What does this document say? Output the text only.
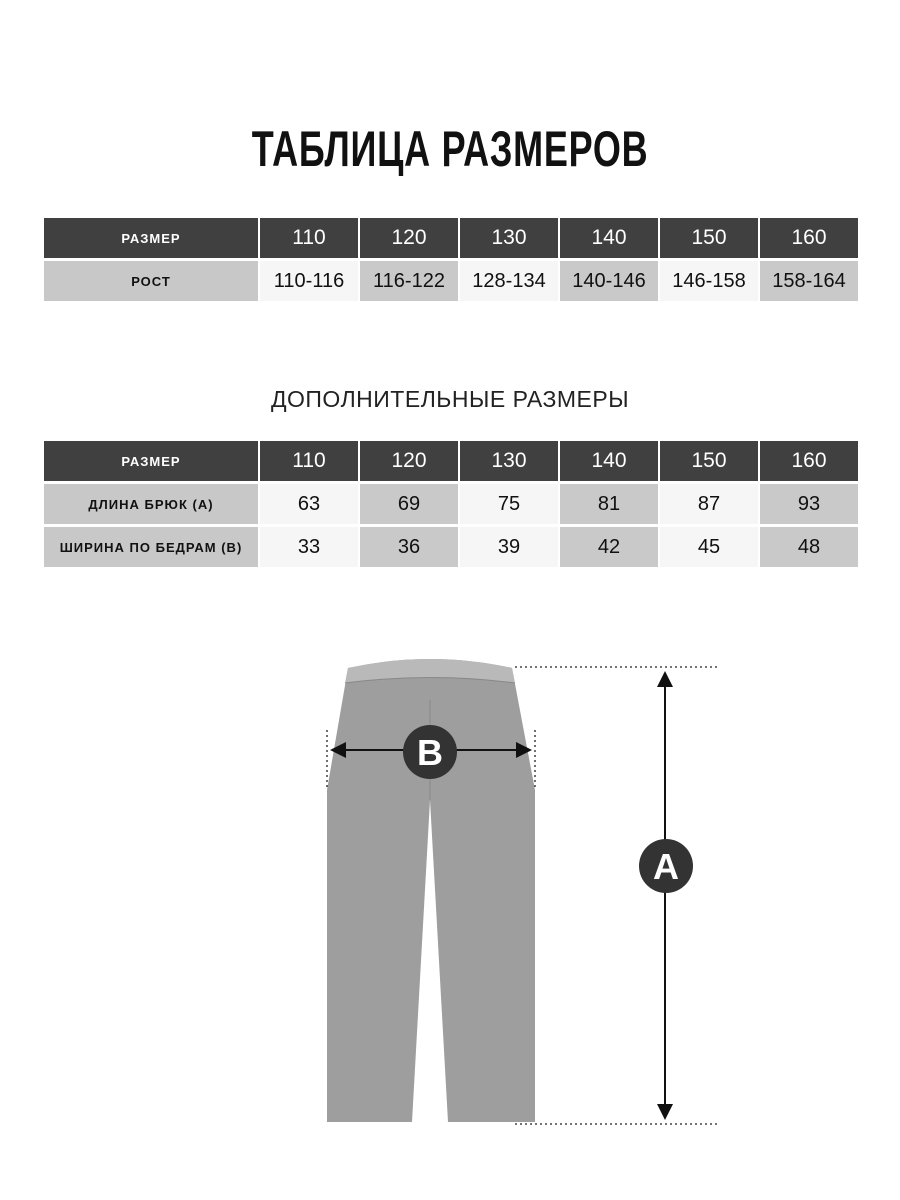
ТАБЛИЦА РАЗМЕРОВ
РАЗМЕР	110	120	130	140	150	160
РОСТ	110-116	116-122	128-134	140-146	146-158	158-164
ДОПОЛНИТЕЛЬНЫЕ РАЗМЕРЫ
РАЗМЕР	110	120	130	140	150	160
ДЛИНА БРЮК (А)	63	69	75	81	87	93
ШИРИНА ПО БЕДРАМ (В)	33	36	39	42	45	48
A
B
